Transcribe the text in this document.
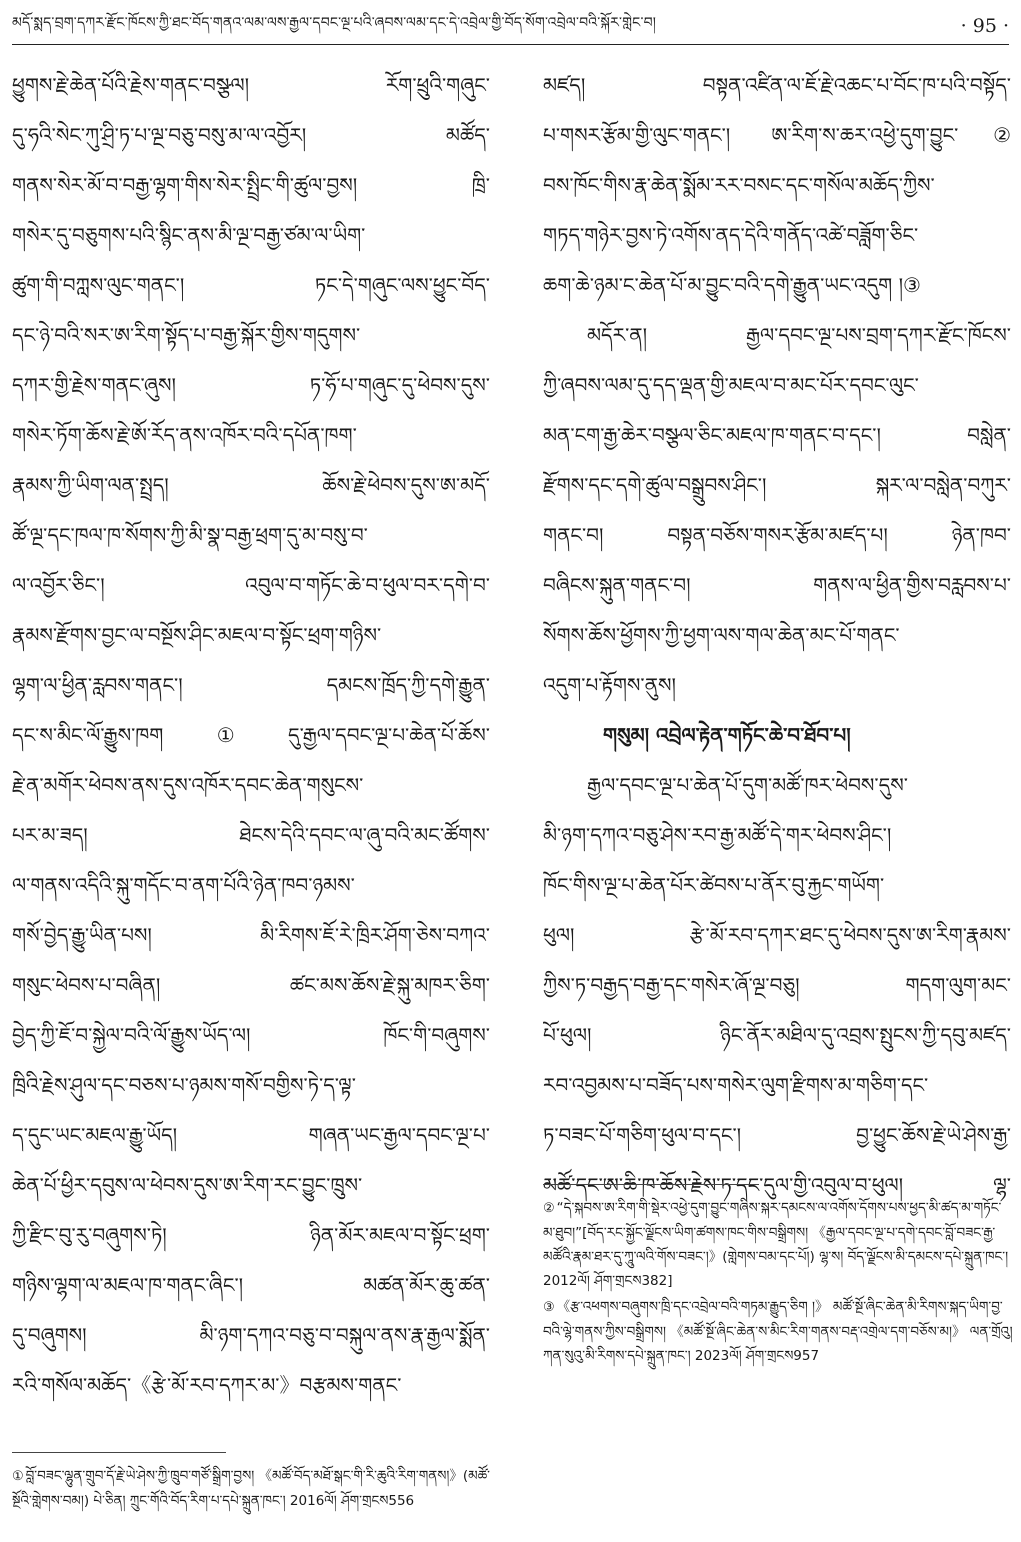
མདོ་སྨད་བྲག་དཀར་རྫོང་ཁོངས་ཀྱི་ཐང་བོད་གནའ་ལམ་ལས་རྒྱལ་དབང་ལྔ་པའི་ཞབས་ལམ་དང་དེ་འབྲེལ་གྱི་བོད་སོག་འབྲེལ་བའི་སྐོར་གླེང་བ།	· 95 ·
ཕྱུགས་རྗེ་ཆེན་པོའི་རྗེས་གནང་བསྩལ། རོག་ཕྲུའི་གཞུང་
དུ་ཧའི་སེང་ཀུ་ཤྲི་ཏ་པ་ལྔ་བཅུ་བསུ་མ་ལ་འབྱོར། མཚོད་
གནས་སེར་མོ་བ་བརྒྱ་ལྷག་གིས་སེར་སྤྲིང་གི་ཚུལ་བྱས། ཁྲི་
གསེར་དུ་བཅུགས་པའི་སྙིང་ནས་མི་ལྔ་བརྒྱ་ཙམ་ལ་ཡིག་
ཚུག་གི་བཀླས་ལུང་གནང་། ཏང་དེ་གཞུང་ལས་ཕྱུང་བོད་
དང་ཉེ་བའི་སར་ཨ་རིག་སྟོད་པ་བརྒྱ་སྐོར་གྱིས་གདུགས་
དཀར་གྱི་རྗེས་གནང་ཞུས། ཏ་ཧོ་པ་གཞུང་དུ་ཕེབས་དུས་
གསེར་ཏོག་ཆོས་རྗེ་ཨོ་རོད་ནས་འཁོར་བའི་དཔོན་ཁག་
རྣམས་ཀྱི་ཡིག་ལན་སྤྲད། ཆོས་རྗེ་ཕེབས་དུས་ཨ་མདོ་
ཚོ་ལྔ་དང་ཁལ་ཁ་སོགས་ཀྱི་མི་སྣ་བརྒྱ་ཕྲག་དུ་མ་བསུ་བ་
ལ་འབྱོར་ཅིང་། འབུལ་བ་གཏོང་ཆེ་བ་ཕུལ་བར་དགེ་བ་
རྣམས་རྫོགས་བྱང་ལ་བསྔོས་ཤིང་མཇལ་བ་སྟོང་ཕྲག་གཉིས་
ལྷག་ལ་ཕྱིན་རླབས་གནང་། དམངས་ཁྲོད་ཀྱི་དགེ་རྒྱུན་
དང་ས་མིང་ལོ་རྒྱུས་ཁག①དུ་རྒྱལ་དབང་ལྔ་པ་ཆེན་པོ་ཆོས་
རྗེ་ན་མགོར་ཕེབས་ནས་དུས་འཁོར་དབང་ཆེན་གསུངས་
པར་མ་ཟད། ཐེངས་དེའི་དབང་ལ་ཞུ་བའི་མང་ཚོགས་
ལ་གནས་འདིའི་སྐུ་གདོང་བ་ནག་པོའི་ཉེན་ཁབ་ཉམས་
གསོ་བྱེད་རྒྱུ་ཡིན་པས། མི་རིགས་ཇོ་རེ་ཁྲིར་ཤོག་ཅེས་བཀའ་
གསུང་ཕེབས་པ་བཞིན། ཚང་མས་ཆོས་རྗེ་སྐུ་མཁར་ཅིག་
བྱེད་ཀྱི་ཇོ་བ་སྐྱེལ་བའི་ལོ་རྒྱུས་ཡོད་ལ། ཁོང་གི་བཞུགས་
ཁྲིའི་རྗེས་ཤུལ་དང་བཅས་པ་ཉམས་གསོ་བགྱིས་ཏེ་ད་ལྟ་
ད་དུང་ཡང་མཇལ་རྒྱུ་ཡོད། གཞན་ཡང་རྒྱལ་དབང་ལྔ་པ་
ཆེན་པོ་ཕྱིར་དབུས་ལ་ཕེབས་དུས་ཨ་རིག་རང་བྱུང་ཁྲུས་
ཀྱི་རྫིང་བུ་རུ་བཞུགས་ཏེ། ཉིན་མོར་མཇལ་བ་སྟོང་ཕྲག་
གཉིས་ལྷག་ལ་མཇལ་ཁ་གནང་ཞིང་། མཚན་མོར་ཆུ་ཚན་
དུ་བཞུགས། མི་ཉག་དཀའ་བཅུ་བ་བསྐུལ་ནས་རྣ་རྒྱལ་སྨོན་
རའི་གསོལ་མཆོད་《རྩེ་མོ་རབ་དཀར་མ་》བརྩམས་གནང་
མཛད། བསྟན་འཛིན་ལ་ཇོ་རྗེ་འཆང་པ་བོང་ཁ་པའི་བསྟོད་
པ་གསར་རྩོམ་གྱི་ལུང་གནང་། ཨ་རིག་ས་ཆར་འཕྱེ་དུག་བྱུང་②
བས་ཁོང་གིས་རྣ་ཆེན་སྨོམ་རར་བསང་དང་གསོལ་མཆོད་ཀྱིས་
གཏད་གཉེར་བྱས་ཏེ་འགོས་ནད་དེའི་གནོད་འཚེ་བཟློག་ཅིང་
ཆག་ཆེ་ཉམ་ང་ཆེན་པོ་མ་བྱུང་བའི་དགེ་རྒྱུན་ཡང་འདུག །③
མདོར་ན། རྒྱལ་དབང་ལྔ་པས་བྲག་དཀར་རྫོང་ཁོངས་
ཀྱི་ཞབས་ལམ་དུ་དད་ལྡན་གྱི་མཇལ་བ་མང་པོར་དབང་ལུང་
མན་ངག་རྒྱ་ཆེར་བསྩལ་ཅིང་མཇལ་ཁ་གནང་བ་དང་། བསླེན་
རྫོགས་དང་དགེ་ཚུལ་བསྒྲུབས་ཤིང་། སྐར་ལ་བསླེན་བཀུར་
གནང་བ། བསྟན་བཅོས་གསར་རྩོམ་མཛད་པ། ཉེན་ཁབ་
བཞིངས་སྐུན་གནང་བ། གནས་ལ་ཕྱིན་གྱིས་བརླབས་པ་
སོགས་ཆོས་ཕྱོགས་ཀྱི་ཕྱག་ལས་གལ་ཆེན་མང་པོ་གནང་
འདུག་པ་རྟོགས་ནུས།
གསུམ། འབྲེལ་རྟེན་གཏོང་ཆེ་བ་ཐོབ་པ།
རྒྱལ་དབང་ལྔ་པ་ཆེན་པོ་དུག་མཚོ་ཁར་ཕེབས་དུས་
མི་ཉག་དཀའ་བཅུ་ཤེས་རབ་རྒྱ་མཚོ་དེ་གར་ཕེབས་ཤིང་།
ཁོང་གིས་ལྔ་པ་ཆེན་པོར་ཚེབས་པ་ནོར་བུ་རྐྱང་གཡོག་
ཕུལ། རྩེ་མོ་རབ་དཀར་ཐང་དུ་ཕེབས་དུས་ཨ་རིག་རྣམས་
ཀྱིས་ཏ་བརྒྱད་བརྒྱ་དང་གསེར་ཞོ་ལྔ་བཅུ། གདག་ལུག་མང་
པོ་ཕུལ། ཉིང་ནོར་མཐིལ་དུ་འབྲས་སྤུངས་ཀྱི་དབུ་མཛད་
རབ་འབྱམས་པ་བཟོད་པས་གསེར་ལུག་རྫིགས་མ་གཅིག་དང་
ཏ་བཟང་པོ་གཅིག་ཕུལ་བ་དང་། བྱ་ཕྱུང་ཆོས་རྗེ་ཡེ་ཤེས་རྒྱ་
མཚོ་དང་ཨ་ཆི་ཁ་ཆོས་རྗེས་ཏ་དང་དུལ་གྱི་འབུལ་བ་ཕུལ། ལྷ་

② “དེ་སྐབས་ཨ་རིག་གི་སྡེར་འཕྱེ་དུག་བྱུང་གཞིས་སྐར་དམངས་ལ་འགོས་དོགས་པས་ཕྱད་མི་ཚད་མ་གཏོང་མ་ཐུབ།”[བོད་རང་སྐྱོང་ལྗོངས་ཡིག་ཚགས་ཁང་གིས་བསྒྲིགས། 《རྒྱལ་དབང་ལྔ་པ་དགེ་དབང་བློ་བཟང་རྒྱ་མཚོའི་རྣམ་ཐར་དུ་ཀཱུ་ལའི་གོས་བཟང་།》(གླེགས་བམ་དང་པོ།) ལྷ་ས། བོད་ལྗོངས་མི་དམངས་དཔེ་སྐྲུན་ཁང་། 2012ལོ། ཤོག་གྲངས382]

③ 《རྩ་འཕགས་བཞུགས་ཁྲི་དང་འབྲེལ་བའི་གཏམ་རྒྱུད་ཅིག །》 མཚོ་སྔོ་ཞིང་ཆེན་མི་རིགས་སྐད་ཡིག་བྱ་བའི་ལྷེ་གནས་ཀྱིས་བསྒྲིགས། 《མཚོ་སྔོ་ཞིང་ཆེན་ས་མིང་རིག་གནས་བརྡ་འགྲེལ་དག་བཅོས་མ།》 ལན་གྲོའུ། ཀན་སུའུ་མི་རིགས་དཔེ་སྐྲུན་ཁང་། 2023ལོ། ཤོག་གྲངས957

① བློ་བཟང་ལྷུན་གྲུབ་དོ་རྗེ་ཡེ་ཤེས་ཀྱི་ཁྲུབ་གཙོ་སྒྲིག་བྱས། 《མཚོ་བོད་མཐོ་སྒང་གི་རི་ཆུའི་རིག་གནས།》(མཚོ་སྔོའི་གླེགས་བམ།) པེ་ཅིན། ཀྲུང་གོའི་བོད་རིག་པ་དཔེ་སྐྲུན་ཁང་། 2016ལོ། ཤོག་གྲངས556
